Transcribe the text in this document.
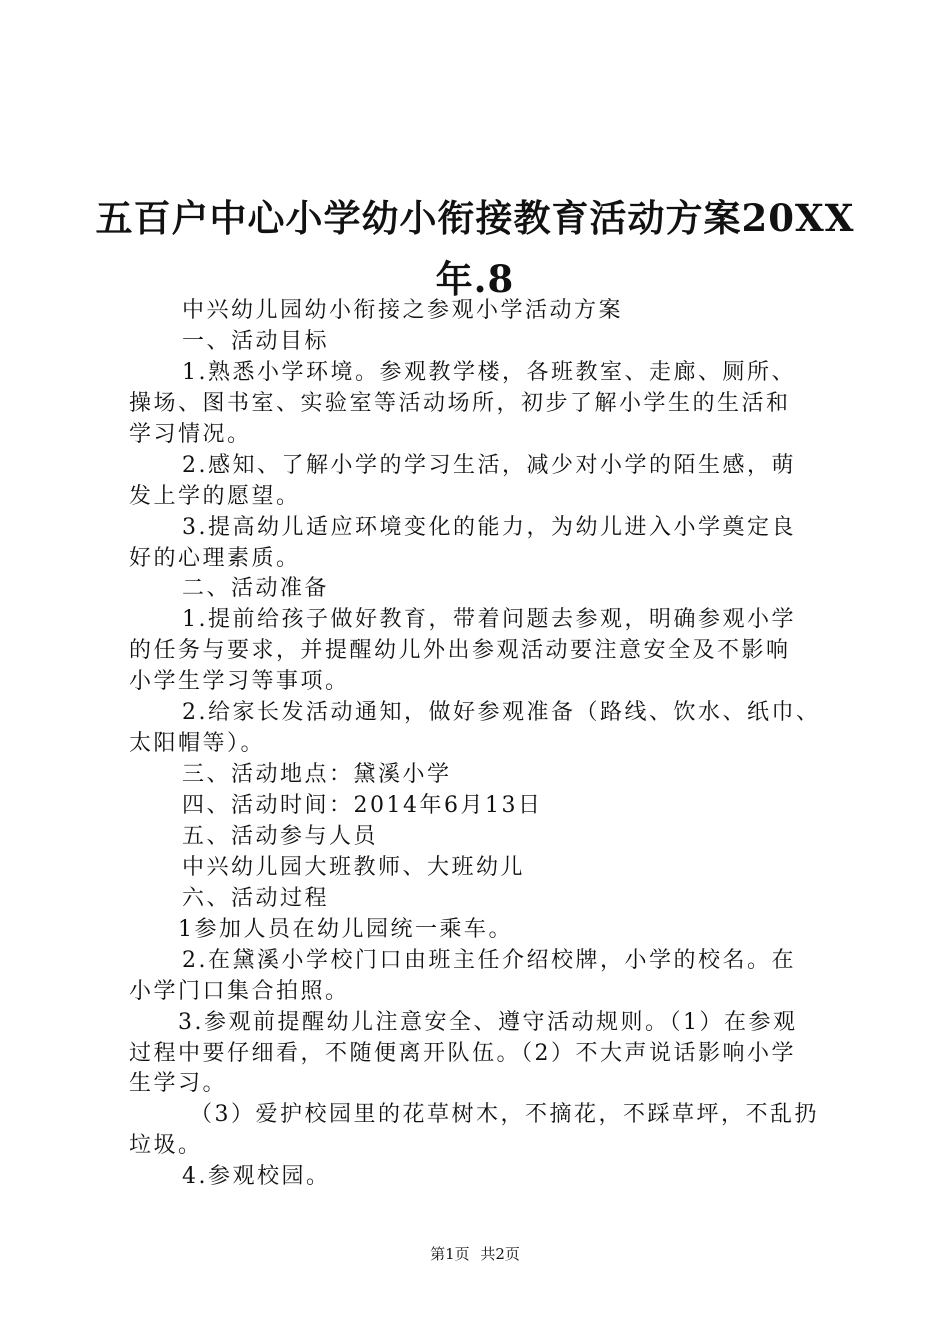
五百户中心小学幼小衔接教育活动方案20XX
年.8
中兴幼儿园幼小衔接之参观小学活动方案
一、活动目标
1.熟悉小学环境。参观教学楼，各班教室、走廊、厕所、
操场、图书室、实验室等活动场所，初步了解小学生的生活和
学习情况。
2.感知、了解小学的学习生活，减少对小学的陌生感，萌
发上学的愿望。
3.提高幼儿适应环境变化的能力，为幼儿进入小学奠定良
好的心理素质。
二、活动准备
1.提前给孩子做好教育，带着问题去参观，明确参观小学
的任务与要求，并提醒幼儿外出参观活动要注意安全及不影响
小学生学习等事项。
2.给家长发活动通知，做好参观准备（路线、饮水、纸巾、
太阳帽等）。
三、活动地点：黛溪小学
四、活动时间：2014年6月13日
五、活动参与人员
中兴幼儿园大班教师、大班幼儿
六、活动过程
1参加人员在幼儿园统一乘车。
2.在黛溪小学校门口由班主任介绍校牌，小学的校名。在
小学门口集合拍照。
3.参观前提醒幼儿注意安全、遵守活动规则。（1）在参观
过程中要仔细看，不随便离开队伍。（2）不大声说话影响小学
生学习。
（3）爱护校园里的花草树木，不摘花，不踩草坪，不乱扔
垃圾。
4.参观校园。
第1页 共2页
